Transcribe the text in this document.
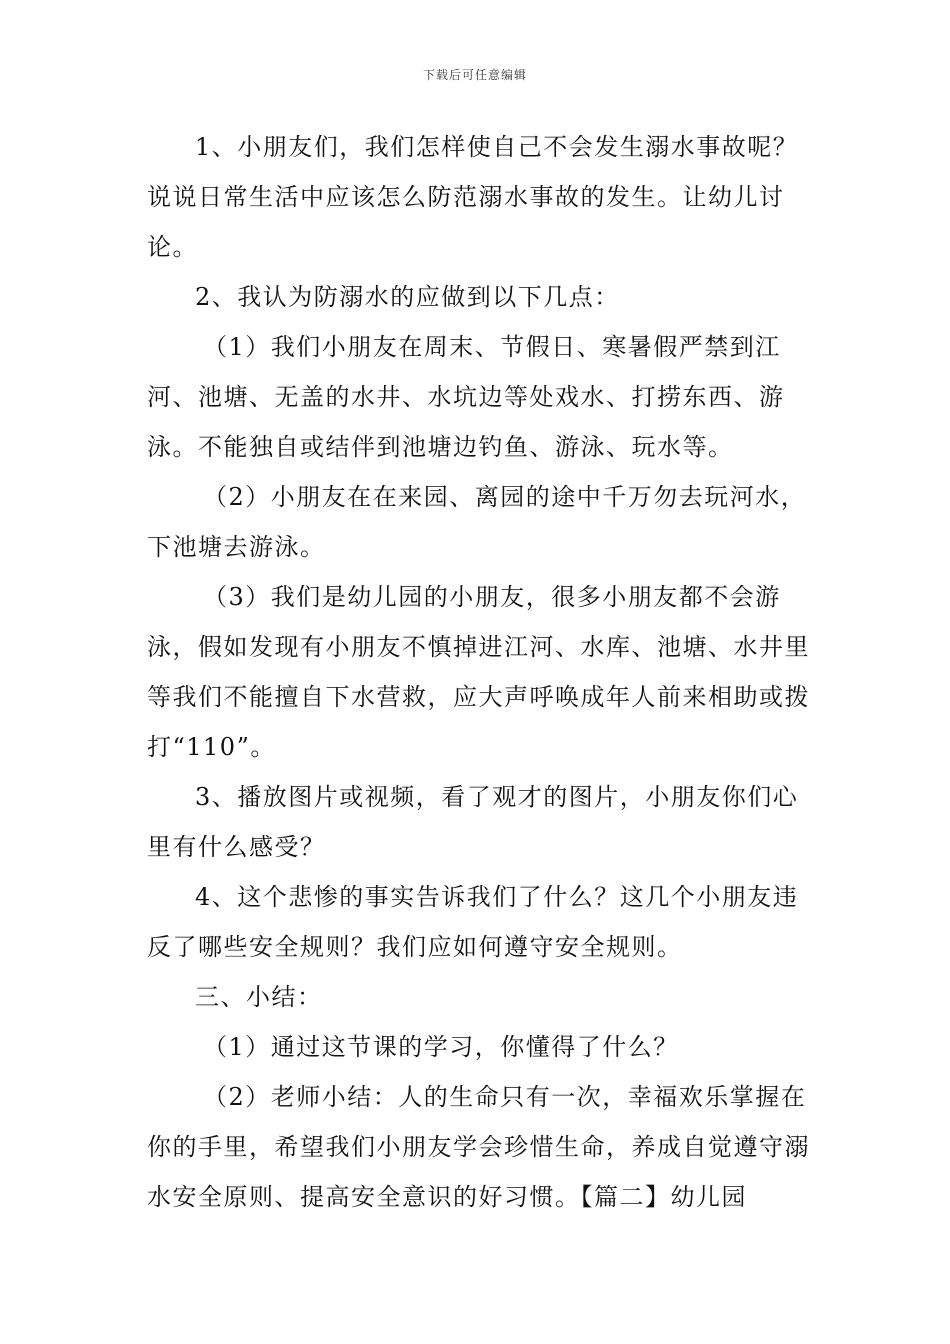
下载后可任意编辑

1、小朋友们，我们怎样使自己不会发生溺水事故呢？说说日常生活中应该怎么防范溺水事故的发生。让幼儿讨论。

2、我认为防溺水的应做到以下几点：

（1）我们小朋友在周末、节假日、寒暑假严禁到江河、池塘、无盖的水井、水坑边等处戏水、打捞东西、游泳。不能独自或结伴到池塘边钓鱼、游泳、玩水等。

（2）小朋友在在来园、离园的途中千万勿去玩河水，下池塘去游泳。

（3）我们是幼儿园的小朋友，很多小朋友都不会游泳，假如发现有小朋友不慎掉进江河、水库、池塘、水井里等我们不能擅自下水营救，应大声呼唤成年人前来相助或拨打“110”。

3、播放图片或视频，看了观才的图片，小朋友你们心里有什么感受？

4、这个悲惨的事实告诉我们了什么？这几个小朋友违反了哪些安全规则？我们应如何遵守安全规则。

三、小结：

（1）通过这节课的学习，你懂得了什么？

（2）老师小结：人的生命只有一次，幸福欢乐掌握在你的手里，希望我们小朋友学会珍惜生命，养成自觉遵守溺水安全原则、提高安全意识的好习惯。【篇二】幼儿园
